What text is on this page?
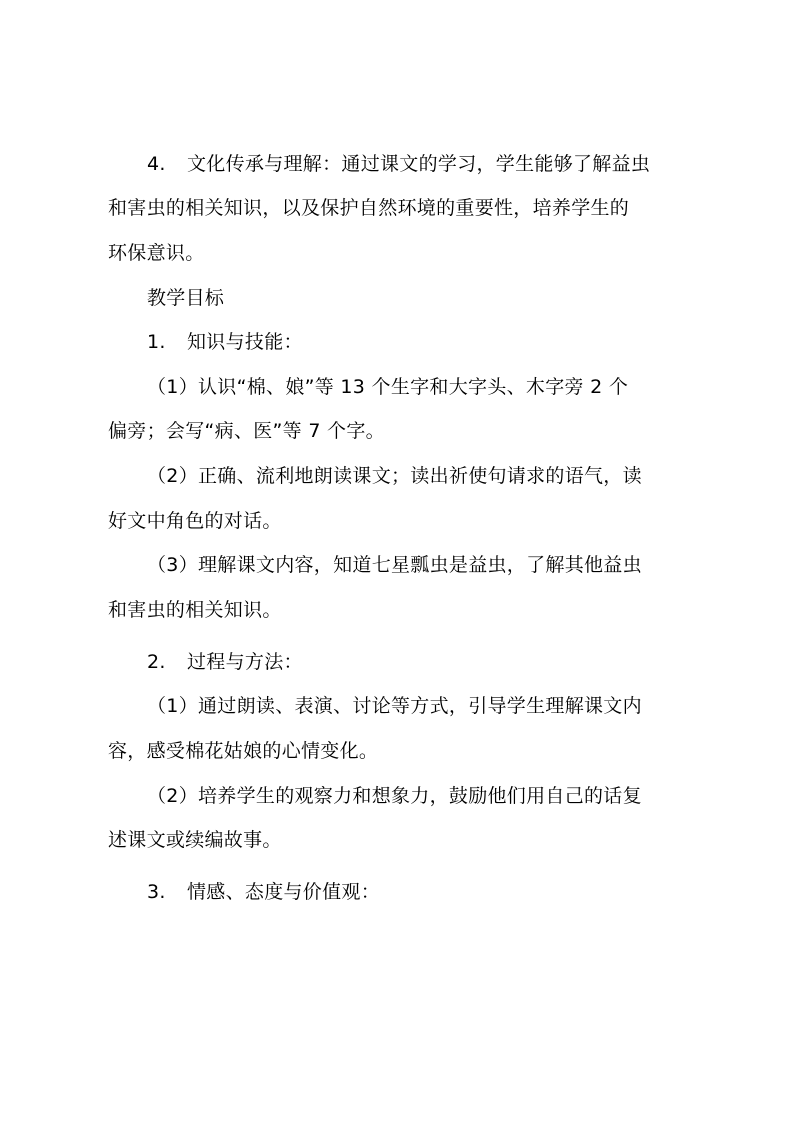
4. 文化传承与理解：通过课文的学习，学生能够了解益虫
和害虫的相关知识，以及保护自然环境的重要性，培养学生的
环保意识。
教学目标
1. 知识与技能：
（1）认识“棉、娘”等 13 个生字和大字头、木字旁 2 个
偏旁；会写“病、医”等 7 个字。
（2）正确、流利地朗读课文；读出祈使句请求的语气，读
好文中角色的对话。
（3）理解课文内容，知道七星瓢虫是益虫，了解其他益虫
和害虫的相关知识。
2. 过程与方法：
（1）通过朗读、表演、讨论等方式，引导学生理解课文内
容，感受棉花姑娘的心情变化。
（2）培养学生的观察力和想象力，鼓励他们用自己的话复
述课文或续编故事。
3. 情感、态度与价值观：
